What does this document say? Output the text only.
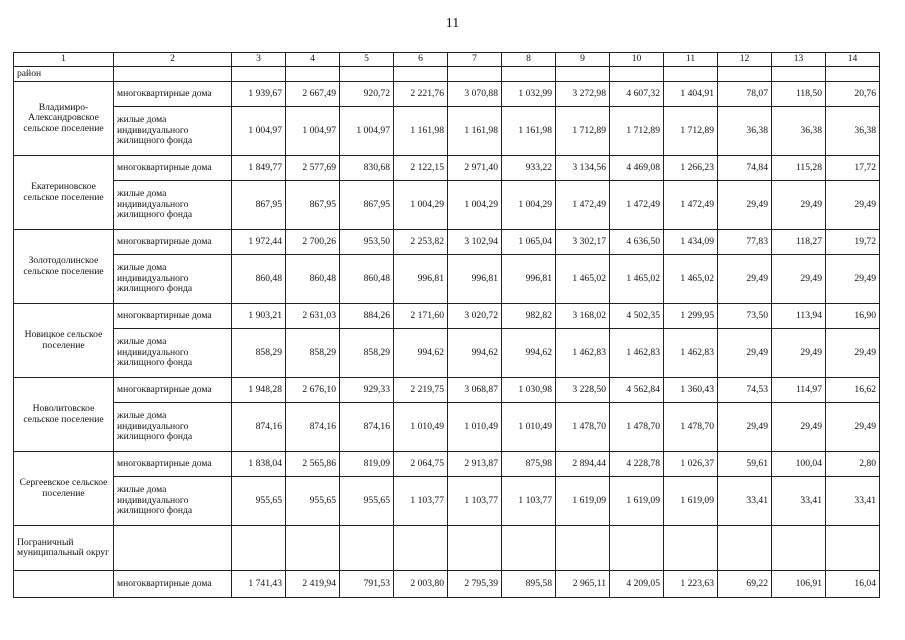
11
1	2	3	4	5	6	7	8	9	10	11	12	13	14
район													
Владимиро-Александровское сельское поселение	многоквартирные дома	1 939,67	2 667,49	920,72	2 221,76	3 070,88	1 032,99	3 272,98	4 607,32	1 404,91	78,07	118,50	20,76
	жилые дома индивидуального жилищного фонда	1 004,97	1 004,97	1 004,97	1 161,98	1 161,98	1 161,98	1 712,89	1 712,89	1 712,89	36,38	36,38	36,38
Екатериновское сельское поселение	многоквартирные дома	1 849,77	2 577,69	830,68	2 122,15	2 971,40	933,22	3 134,56	4 469,08	1 266,23	74,84	115,28	17,72
	жилые дома индивидуального жилищного фонда	867,95	867,95	867,95	1 004,29	1 004,29	1 004,29	1 472,49	1 472,49	1 472,49	29,49	29,49	29,49
Золотодолинское сельское поселение	многоквартирные дома	1 972,44	2 700,26	953,50	2 253,82	3 102,94	1 065,04	3 302,17	4 636,50	1 434,09	77,83	118,27	19,72
	жилые дома индивидуального жилищного фонда	860,48	860,48	860,48	996,81	996,81	996,81	1 465,02	1 465,02	1 465,02	29,49	29,49	29,49
Новицкое сельское поселение	многоквартирные дома	1 903,21	2 631,03	884,26	2 171,60	3 020,72	982,82	3 168,02	4 502,35	1 299,95	73,50	113,94	16,90
	жилые дома индивидуального жилищного фонда	858,29	858,29	858,29	994,62	994,62	994,62	1 462,83	1 462,83	1 462,83	29,49	29,49	29,49
Новолитовское сельское поселение	многоквартирные дома	1 948,28	2 676,10	929,33	2 219,75	3 068,87	1 030,98	3 228,50	4 562,84	1 360,43	74,53	114,97	16,62
	жилые дома индивидуального жилищного фонда	874,16	874,16	874,16	1 010,49	1 010,49	1 010,49	1 478,70	1 478,70	1 478,70	29,49	29,49	29,49
Сергеевское сельское поселение	многоквартирные дома	1 838,04	2 565,86	819,09	2 064,75	2 913,87	875,98	2 894,44	4 228,78	1 026,37	59,61	100,04	2,80
	жилые дома индивидуального жилищного фонда	955,65	955,65	955,65	1 103,77	1 103,77	1 103,77	1 619,09	1 619,09	1 619,09	33,41	33,41	33,41
Пограничный муниципальный округ													
	многоквартирные дома	1 741,43	2 419,94	791,53	2 003,80	2 795,39	895,58	2 965,11	4 209,05	1 223,63	69,22	106,91	16,04
